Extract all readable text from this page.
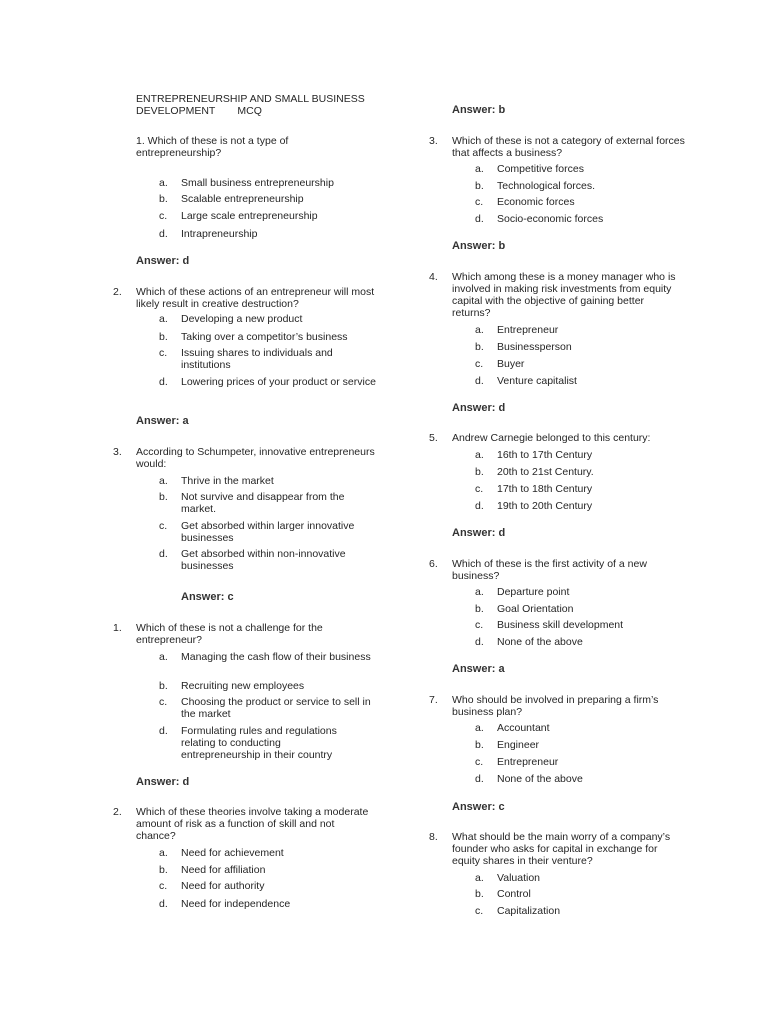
ENTREPRENEURSHIP AND SMALL BUSINESS
DEVELOPMENT MCQ
1. Which of these is not a type of entrepreneurship?
a. Small business entrepreneurship
b. Scalable entrepreneurship
c. Large scale entrepreneurship
d. Intrapreneurship
Answer: d
2. Which of these actions of an entrepreneur will most likely result in creative destruction?
a. Developing a new product
b. Taking over a competitor’s business
c. Issuing shares to individuals and institutions
d. Lowering prices of your product or service
Answer: a
3. According to Schumpeter, innovative entrepreneurs would:
a. Thrive in the market
b. Not survive and disappear from the market.
c. Get absorbed within larger innovative businesses
d. Get absorbed within non-innovative businesses
Answer: c
1. Which of these is not a challenge for the entrepreneur?
a. Managing the cash flow of their business
b. Recruiting new employees
c. Choosing the product or service to sell in the market
d. Formulating rules and regulations relating to conducting entrepreneurship in their country
Answer: d
2. Which of these theories involve taking a moderate amount of risk as a function of skill and not chance?
a. Need for achievement
b. Need for affiliation
c. Need for authority
d. Need for independence
Answer: b
3. Which of these is not a category of external forces that affects a business?
a. Competitive forces
b. Technological forces.
c. Economic forces
d. Socio-economic forces
Answer: b
4. Which among these is a money manager who is involved in making risk investments from equity capital with the objective of gaining better returns?
a. Entrepreneur
b. Businessperson
c. Buyer
d. Venture capitalist
Answer: d
5. Andrew Carnegie belonged to this century:
a. 16th to 17th Century
b. 20th to 21st Century.
c. 17th to 18th Century
d. 19th to 20th Century
Answer: d
6. Which of these is the first activity of a new business?
a. Departure point
b. Goal Orientation
c. Business skill development
d. None of the above
Answer: a
7. Who should be involved in preparing a firm’s business plan?
a. Accountant
b. Engineer
c. Entrepreneur
d. None of the above
Answer: c
8. What should be the main worry of a company’s founder who asks for capital in exchange for equity shares in their venture?
a. Valuation
b. Control
c. Capitalization
